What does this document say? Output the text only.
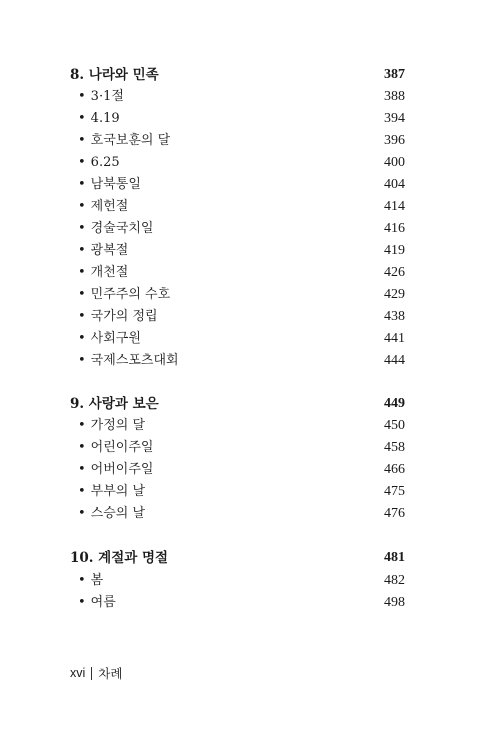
8. 나라와 민족	387
• 3·1절	388
• 4.19	394
• 호국보훈의 달	396
• 6.25	400
• 남북통일	404
• 제헌절	414
• 경술국치일	416
• 광복절	419
• 개천절	426
• 민주주의 수호	429
• 국가의 정립	438
• 사회구원	441
• 국제스포츠대회	444
9. 사랑과 보은	449
• 가정의 달	450
• 어린이주일	458
• 어버이주일	466
• 부부의 날	475
• 스승의 날	476
10. 계절과 명절	481
• 봄	482
• 여름	498
xvi 차례
